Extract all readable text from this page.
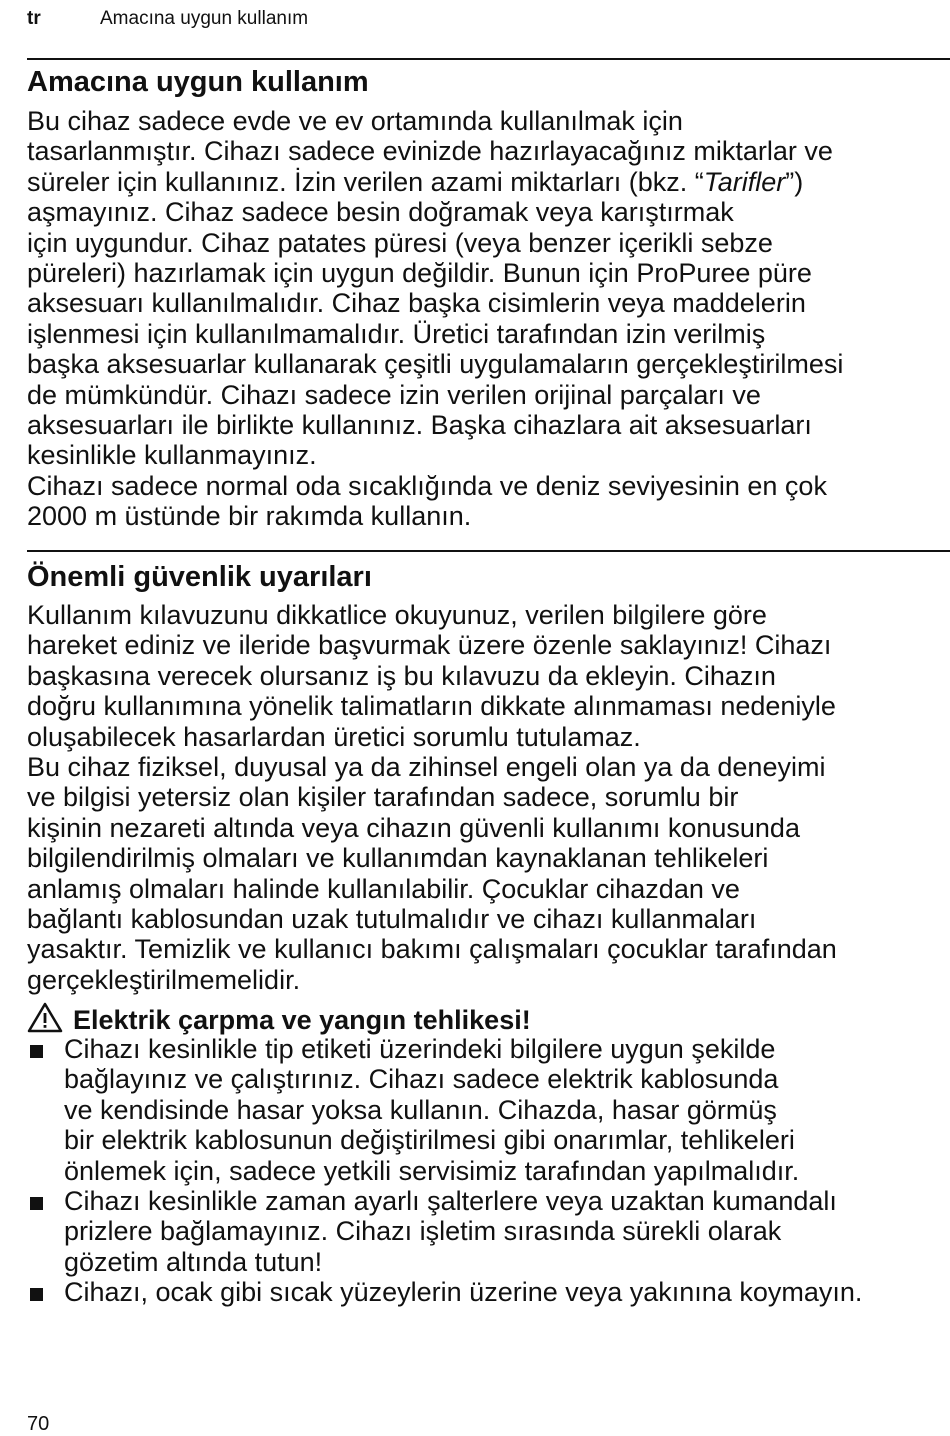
tr	Amacına uygun kullanım
Amacına uygun kullanım
Bu cihaz sadece evde ve ev ortamında kullanılmak için
tasarlanmıştır. Cihazı sadece evinizde hazırlayacağınız miktarlar ve
süreler için kullanınız. İzin verilen azami miktarları (bkz. “Tarifler”)
aşmayınız. Cihaz sadece besin doğramak veya karıştırmak
için uygundur. Cihaz patates püresi (veya benzer içerikli sebze
püreleri) hazırlamak için uygun değildir. Bunun için ProPuree püre
aksesuarı kullanılmalıdır. Cihaz başka cisimlerin veya maddelerin
işlenmesi için kullanılmamalıdır. Üretici tarafından izin verilmiş
başka aksesuarlar kullanarak çeşitli uygulamaların gerçekleştirilmesi
de mümkündür. Cihazı sadece izin verilen orijinal parçaları ve
aksesuarları ile birlikte kullanınız. Başka cihazlara ait aksesuarları
kesinlikle kullanmayınız.
Cihazı sadece normal oda sıcaklığında ve deniz seviyesinin en çok
2000 m üstünde bir rakımda kullanın.
Önemli güvenlik uyarıları
Kullanım kılavuzunu dikkatlice okuyunuz, verilen bilgilere göre
hareket ediniz ve ileride başvurmak üzere özenle saklayınız! Cihazı
başkasına verecek olursanız iş bu kılavuzu da ekleyin. Cihazın
doğru kullanımına yönelik talimatların dikkate alınmaması nedeniyle
oluşabilecek hasarlardan üretici sorumlu tutulamaz.
Bu cihaz fiziksel, duyusal ya da zihinsel engeli olan ya da deneyimi
ve bilgisi yetersiz olan kişiler tarafından sadece, sorumlu bir
kişinin nezareti altında veya cihazın güvenli kullanımı konusunda
bilgilendirilmiş olmaları ve kullanımdan kaynaklanan tehlikeleri
anlamış olmaları halinde kullanılabilir. Çocuklar cihazdan ve
bağlantı kablosundan uzak tutulmalıdır ve cihazı kullanmaları
yasaktır. Temizlik ve kullanıcı bakımı çalışmaları çocuklar tarafından
gerçekleştirilmemelidir.
Elektrik çarpma ve yangın tehlikesi!
Cihazı kesinlikle tip etiketi üzerindeki bilgilere uygun şekilde
bağlayınız ve çalıştırınız. Cihazı sadece elektrik kablosunda
ve kendisinde hasar yoksa kullanın. Cihazda, hasar görmüş
bir elektrik kablosunun değiştirilmesi gibi onarımlar, tehlikeleri
önlemek için, sadece yetkili servisimiz tarafından yapılmalıdır.
Cihazı kesinlikle zaman ayarlı şalterlere veya uzaktan kumandalı
prizlere bağlamayınız. Cihazı işletim sırasında sürekli olarak
gözetim altında tutun!
Cihazı, ocak gibi sıcak yüzeylerin üzerine veya yakınına koymayın.
70
